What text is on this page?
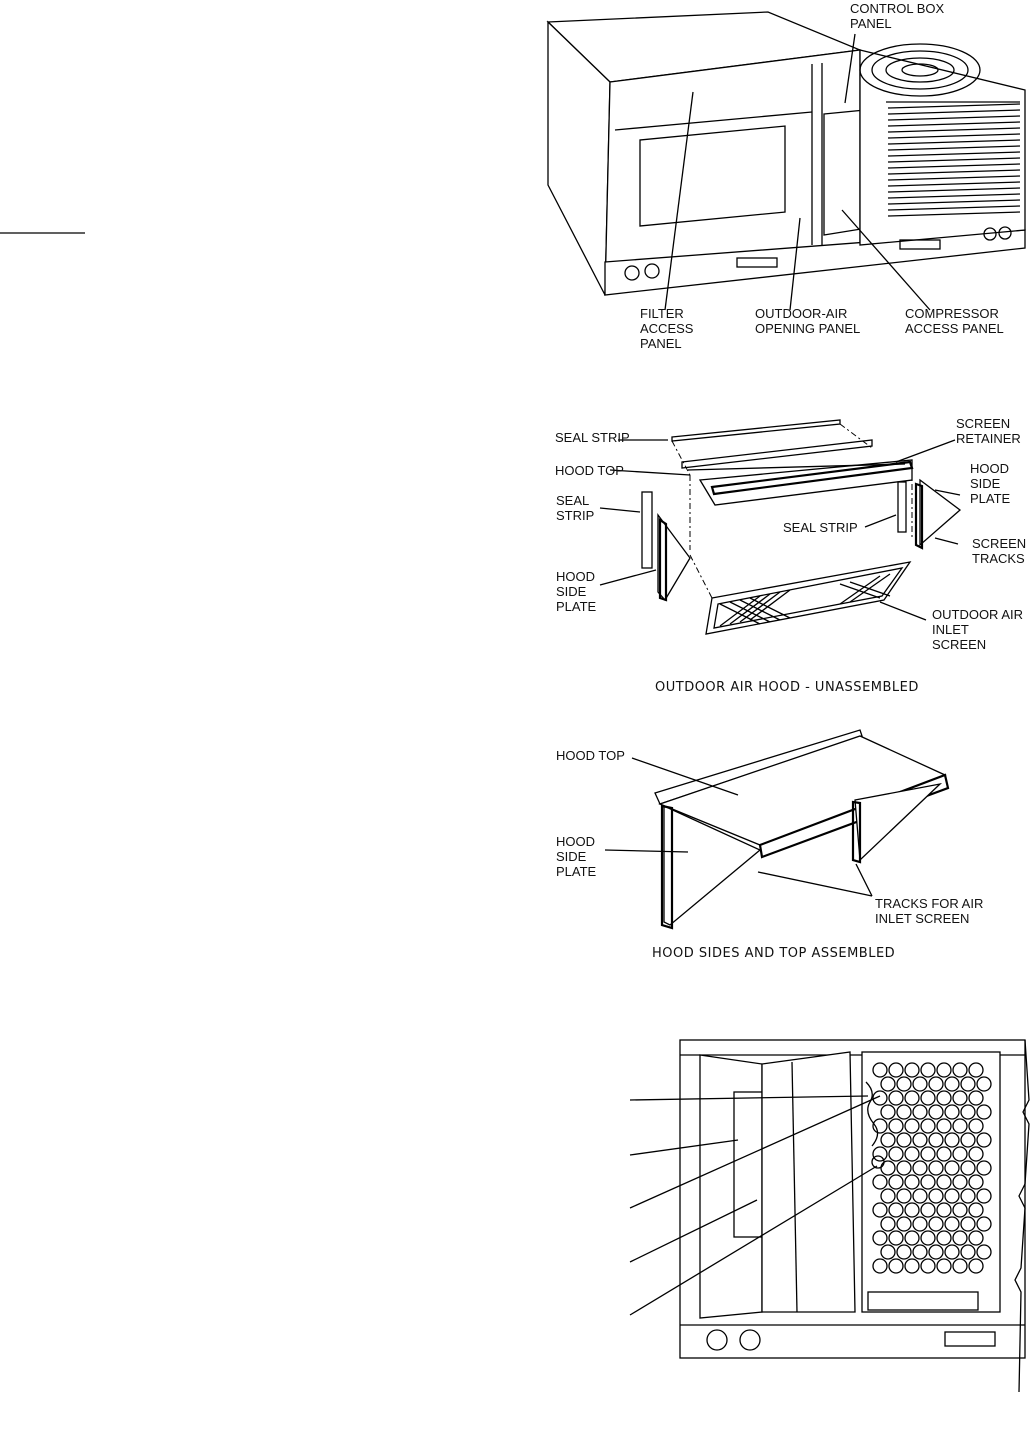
CONTROL BOX PANEL
FILTER ACCESS PANEL
OUTDOOR-AIR OPENING PANEL
COMPRESSOR ACCESS PANEL
SEAL STRIP
SCREEN RETAINER
HOOD TOP	HOOD SIDE PLATE
SEAL STRIP
SEAL STRIP
SCREEN TRACKS
HOOD SIDE PLATE
OUTDOOR AIR INLET SCREEN
OUTDOOR AIR HOOD - UNASSEMBLED
HOOD TOP
HOOD SIDE PLATE
TRACKS FOR AIR INLET SCREEN
HOOD SIDES AND TOP ASSEMBLED
